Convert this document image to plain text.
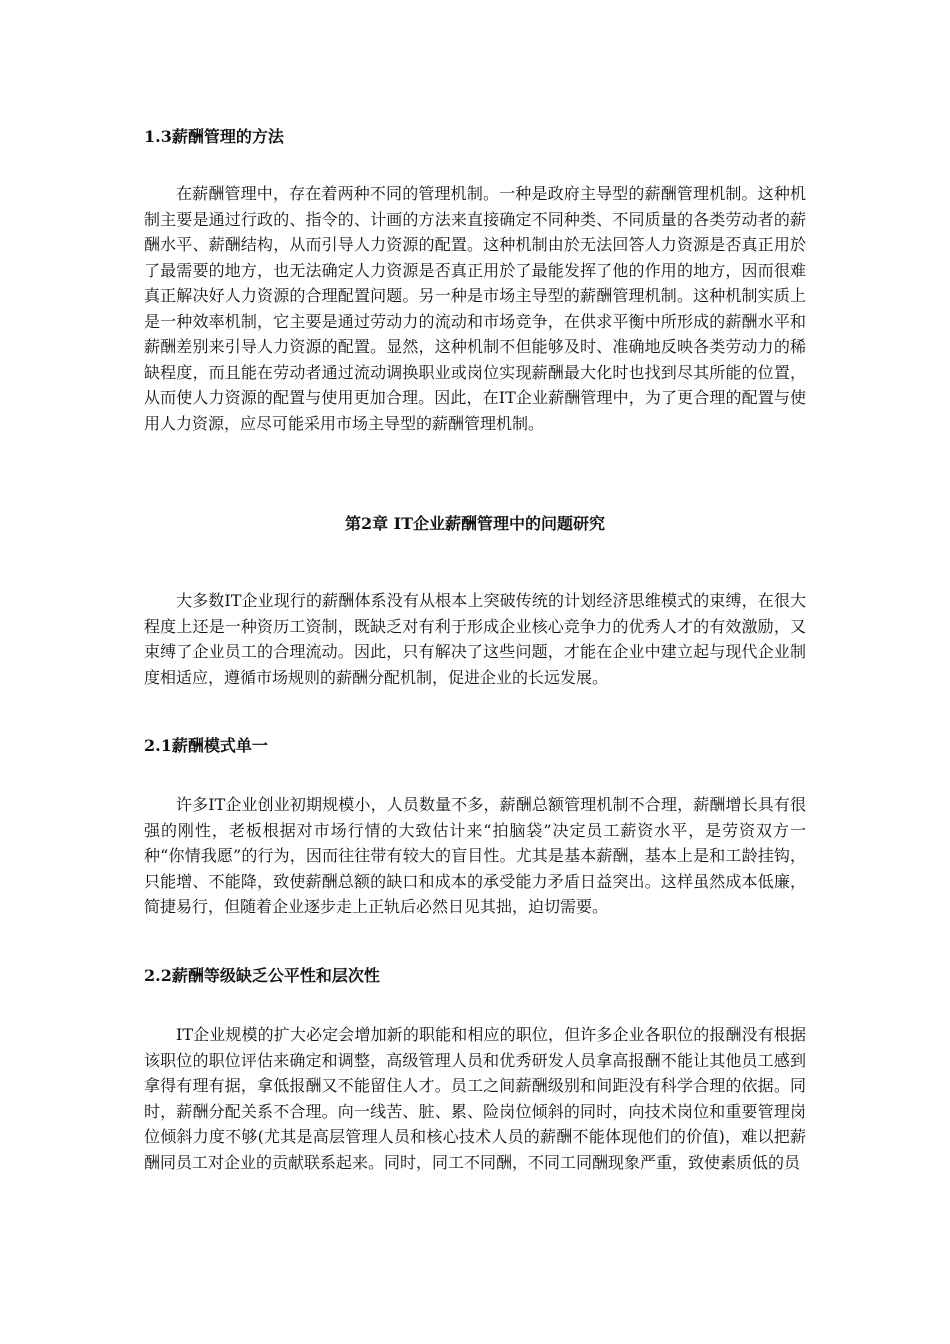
1.3薪酬管理的方法

在薪酬管理中，存在着两种不同的管理机制。一种是政府主导型的薪酬管理机制。这种机制主要是通过行政的、指令的、计画的方法来直接确定不同种类、不同质量的各类劳动者的薪酬水平、薪酬结构，从而引导人力资源的配置。这种机制由於无法回答人力资源是否真正用於了最需要的地方，也无法确定人力资源是否真正用於了最能发挥了他的作用的地方，因而很难真正解决好人力资源的合理配置问题。另一种是市场主导型的薪酬管理机制。这种机制实质上是一种效率机制，它主要是通过劳动力的流动和市场竞争，在供求平衡中所形成的薪酬水平和薪酬差别来引导人力资源的配置。显然，这种机制不但能够及时、准确地反映各类劳动力的稀缺程度，而且能在劳动者通过流动调换职业或岗位实现薪酬最大化时也找到尽其所能的位置，从而使人力资源的配置与使用更加合理。因此，在IT企业薪酬管理中，为了更合理的配置与使用人力资源，应尽可能采用市场主导型的薪酬管理机制。

第2章 IT企业薪酬管理中的问题研究

大多数IT企业现行的薪酬体系没有从根本上突破传统的计划经济思维模式的束缚，在很大程度上还是一种资历工资制，既缺乏对有利于形成企业核心竞争力的优秀人才的有效激励，又束缚了企业员工的合理流动。因此，只有解决了这些问题，才能在企业中建立起与现代企业制度相适应，遵循市场规则的薪酬分配机制，促进企业的长远发展。

2.1薪酬模式单一

许多IT企业创业初期规模小，人员数量不多，薪酬总额管理机制不合理，薪酬增长具有很强的刚性，老板根据对市场行情的大致估计来“拍脑袋”决定员工薪资水平，是劳资双方一种“你情我愿”的行为，因而往往带有较大的盲目性。尤其是基本薪酬，基本上是和工龄挂钩，只能增、不能降，致使薪酬总额的缺口和成本的承受能力矛盾日益突出。这样虽然成本低廉，简捷易行，但随着企业逐步走上正轨后必然日见其拙，迫切需要。

2.2薪酬等级缺乏公平性和层次性

IT企业规模的扩大必定会增加新的职能和相应的职位，但许多企业各职位的报酬没有根据该职位的职位评估来确定和调整，高级管理人员和优秀研发人员拿高报酬不能让其他员工感到拿得有理有据，拿低报酬又不能留住人才。员工之间薪酬级别和间距没有科学合理的依据。同时，薪酬分配关系不合理。向一线苦、脏、累、险岗位倾斜的同时，向技术岗位和重要管理岗位倾斜力度不够(尤其是高层管理人员和核心技术人员的薪酬不能体现他们的价值)，难以把薪酬同员工对企业的贡献联系起来。同时，同工不同酬，不同工同酬现象严重，致使素质低的员
